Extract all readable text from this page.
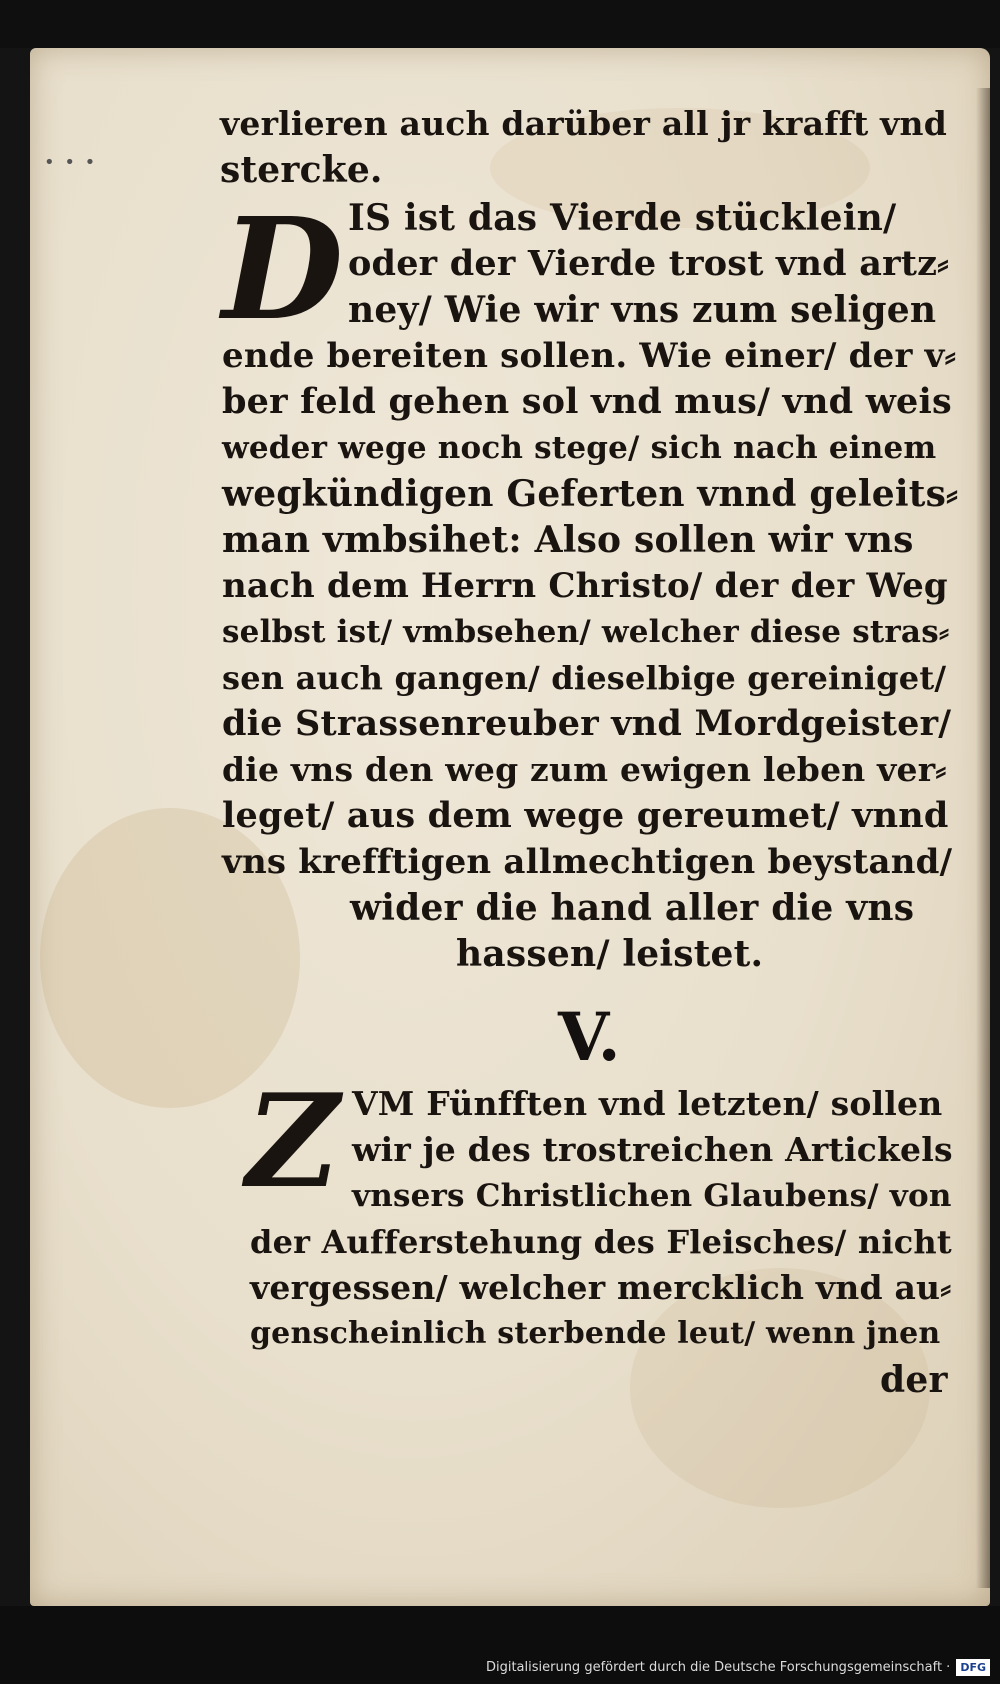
• • •
verlieren auch darüber all jr krafft vnd
stercke.
D IS ist das Vierde stücklein/
oder der Vierde trost vnd artz⸗
ney/ Wie wir vns zum seligen
ende bereiten sollen. Wie einer/ der v⸗
ber feld gehen sol vnd mus/ vnd weis
weder wege noch stege/ sich nach einem
wegkündigen Geferten vnnd geleits⸗
man vmbsihet: Also sollen wir vns
nach dem Herrn Christo/ der der Weg
selbst ist/ vmbsehen/ welcher diese stras⸗
sen auch gangen/ dieselbige gereiniget/
die Strassenreuber vnd Mordgeister/
die vns den weg zum ewigen leben ver⸗
leget/ aus dem wege gereumet/ vnnd
vns krefftigen allmechtigen beystand/
wider die hand aller die vns
hassen/ leistet.
V.
Z VM Fünfften vnd letzten/ sollen
wir je des trostreichen Artickels
vnsers Christlichen Glaubens/ von
der Aufferstehung des Fleisches/ nicht
vergessen/ welcher mercklich vnd au⸗
genscheinlich sterbende leut/ wenn jnen
der
Digitalisierung gefördert durch die Deutsche Forschungsgemeinschaft · DFG
